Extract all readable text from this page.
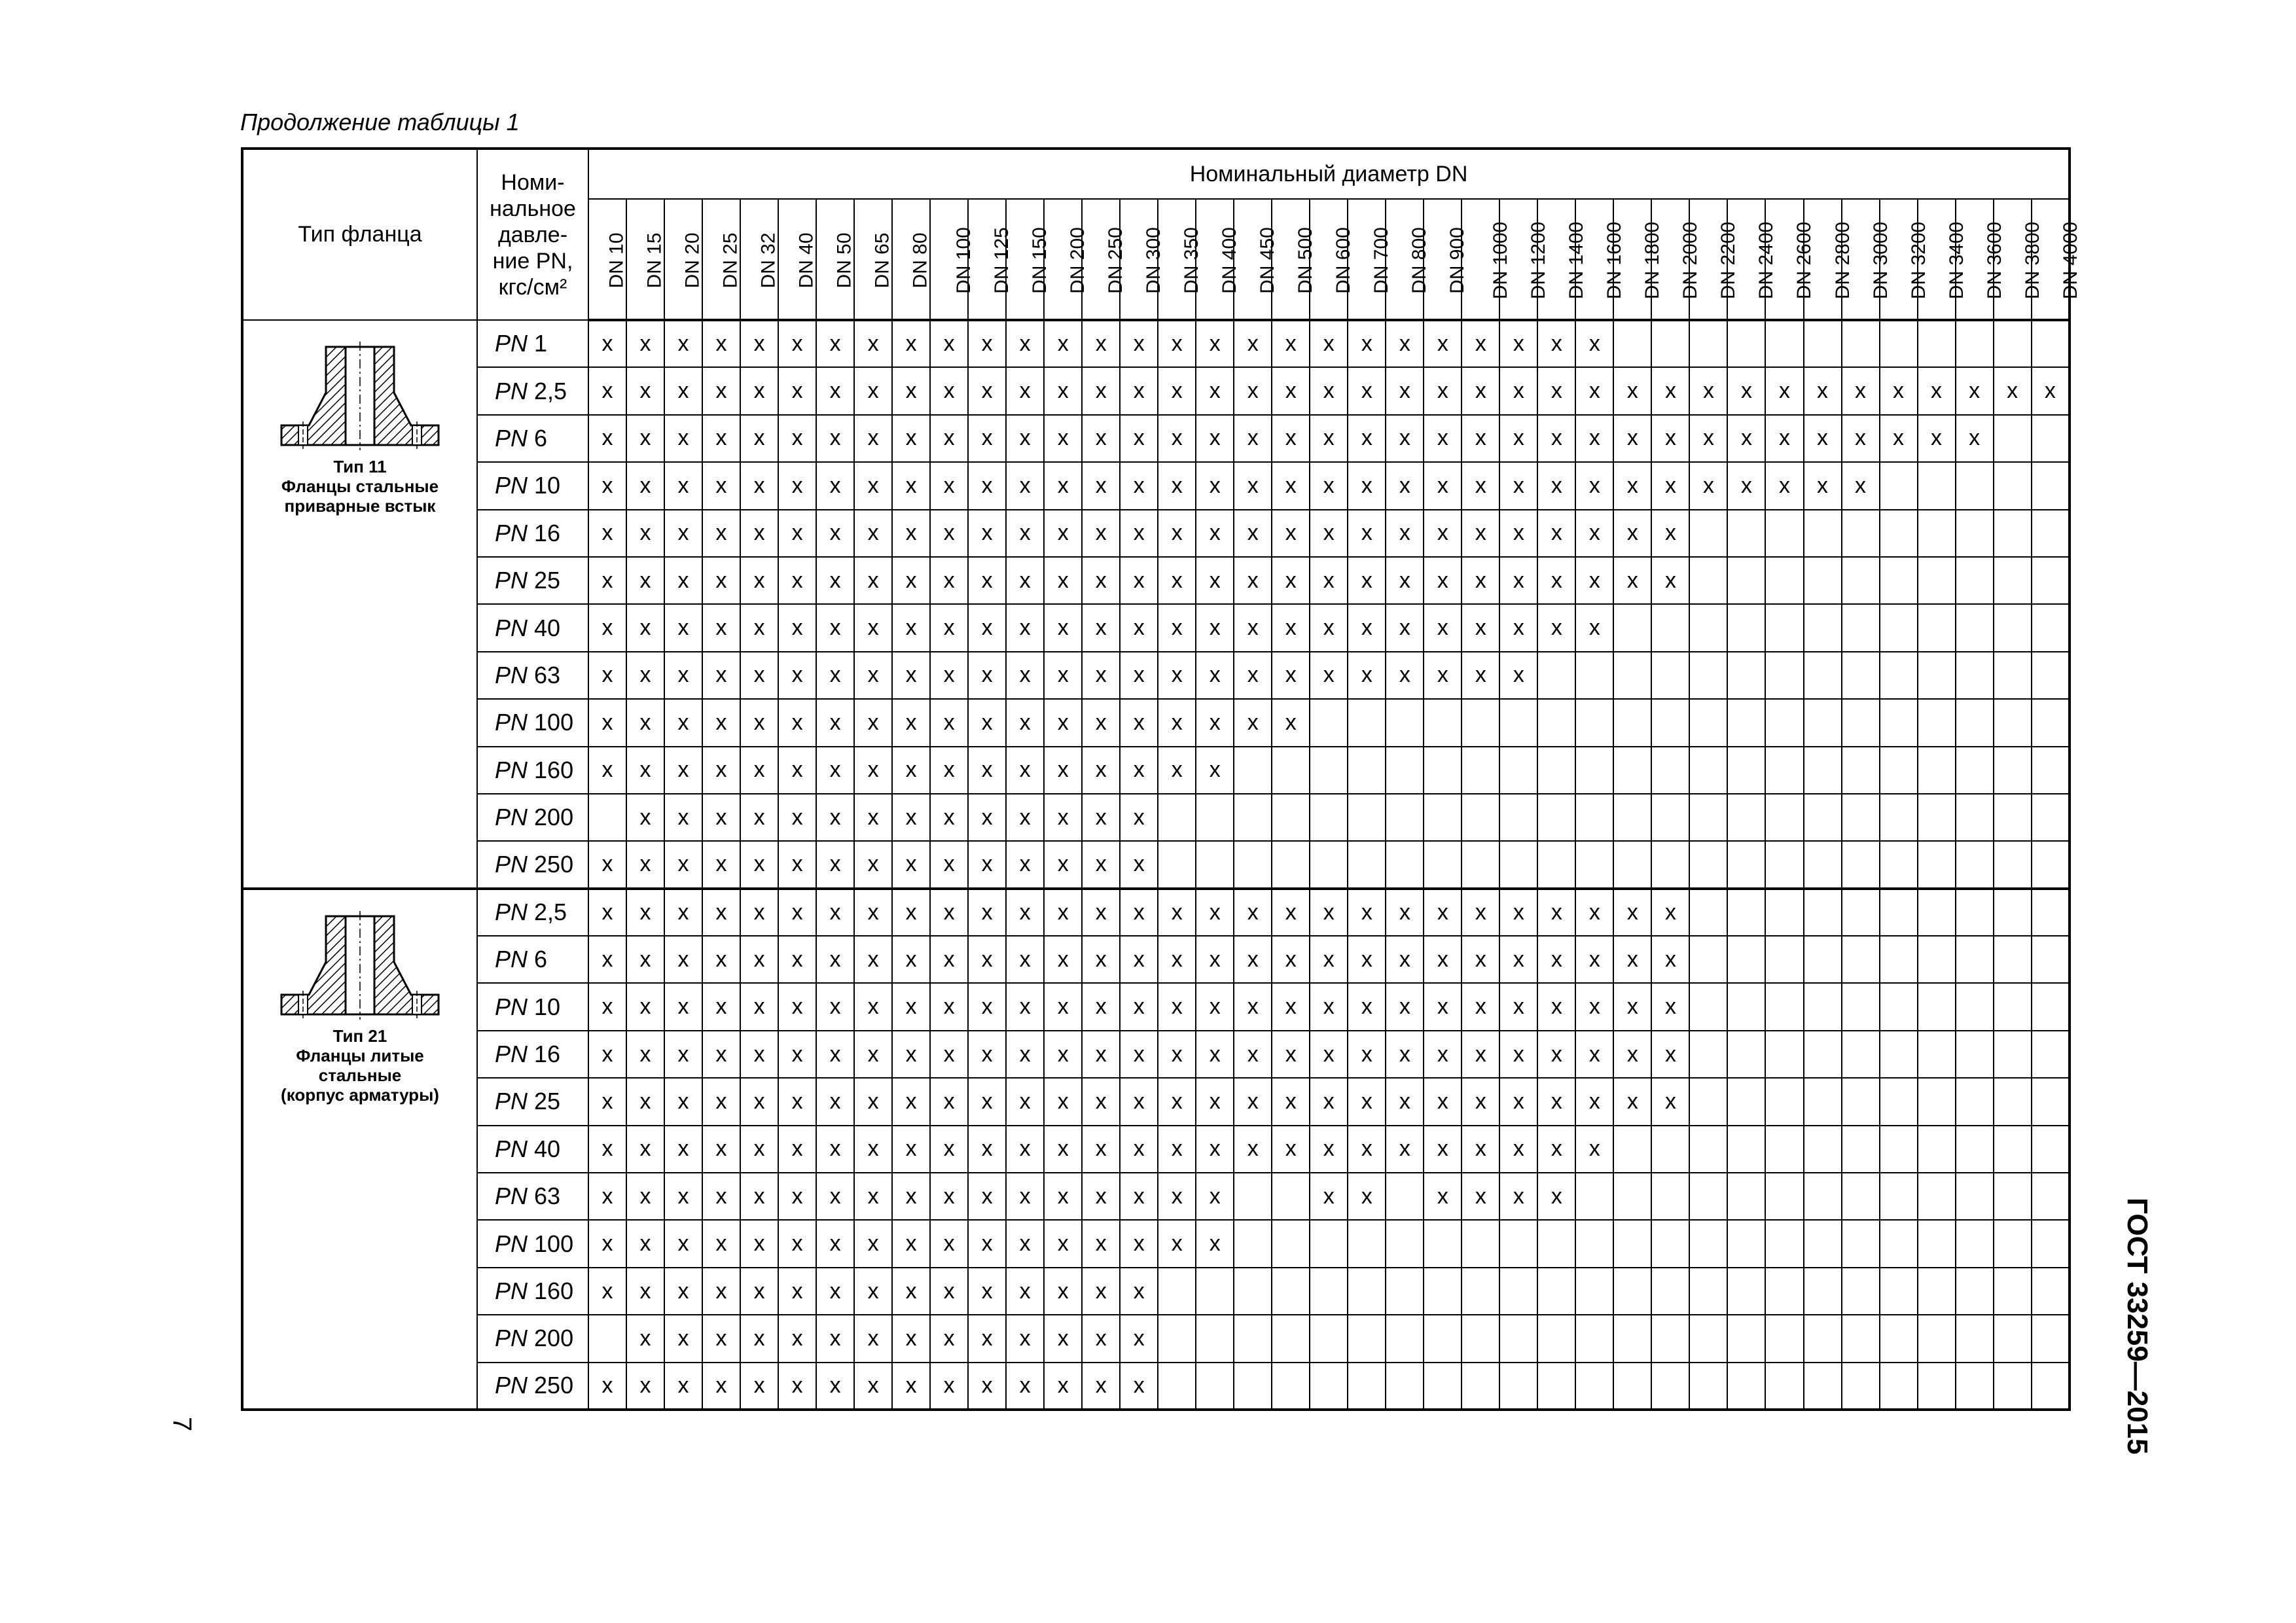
Продолжение таблицы 1
Тип фланца	Номи-
нальное
давле-
ние PN,
кгс/см²	Номинальный диаметр DN																																						
		DN 10	DN 15	DN 20	DN 25	DN 32	DN 40	DN 50	DN 65	DN 80	DN 100	DN 125	DN 150	DN 200	DN 250	DN 300	DN 350	DN 400	DN 450	DN 500	DN 600	DN 700	DN 800	DN 900	DN 1000	DN 1200	DN 1400	DN 1600	DN 1800	DN 2000	DN 2200	DN 2400	DN 2600	DN 2800	DN 3000	DN 3200	DN 3400	DN 3600	DN 3800	DN 4000

Тип 11
Фланцы стальные
приварные встык	PN 1	x	x	x	x	x	x	x	x	x	x	x	x	x	x	x	x	x	x	x	x	x	x	x	x	x	x	x												
	PN 2,5	x	x	x	x	x	x	x	x	x	x	x	x	x	x	x	x	x	x	x	x	x	x	x	x	x	x	x	x	x	x	x	x	x	x	x	x	x	x	x
	PN 6	x	x	x	x	x	x	x	x	x	x	x	x	x	x	x	x	x	x	x	x	x	x	x	x	x	x	x	x	x	x	x	x	x	x	x	x	x		
	PN 10	x	x	x	x	x	x	x	x	x	x	x	x	x	x	x	x	x	x	x	x	x	x	x	x	x	x	x	x	x	x	x	x	x	x					
	PN 16	x	x	x	x	x	x	x	x	x	x	x	x	x	x	x	x	x	x	x	x	x	x	x	x	x	x	x	x	x										
	PN 25	x	x	x	x	x	x	x	x	x	x	x	x	x	x	x	x	x	x	x	x	x	x	x	x	x	x	x	x	x										
	PN 40	x	x	x	x	x	x	x	x	x	x	x	x	x	x	x	x	x	x	x	x	x	x	x	x	x	x	x												
	PN 63	x	x	x	x	x	x	x	x	x	x	x	x	x	x	x	x	x	x	x	x	x	x	x	x	x														
	PN 100	x	x	x	x	x	x	x	x	x	x	x	x	x	x	x	x	x	x	x																				
	PN 160	x	x	x	x	x	x	x	x	x	x	x	x	x	x	x	x	x																						
	PN 200		x	x	x	x	x	x	x	x	x	x	x	x	x	x																								
	PN 250	x	x	x	x	x	x	x	x	x	x	x	x	x	x	x																								

Тип 21
Фланцы литые
стальные
(корпус арматуры)	PN 2,5	x	x	x	x	x	x	x	x	x	x	x	x	x	x	x	x	x	x	x	x	x	x	x	x	x	x	x	x	x										
	PN 6	x	x	x	x	x	x	x	x	x	x	x	x	x	x	x	x	x	x	x	x	x	x	x	x	x	x	x	x	x										
	PN 10	x	x	x	x	x	x	x	x	x	x	x	x	x	x	x	x	x	x	x	x	x	x	x	x	x	x	x	x	x										
	PN 16	x	x	x	x	x	x	x	x	x	x	x	x	x	x	x	x	x	x	x	x	x	x	x	x	x	x	x	x	x										
	PN 25	x	x	x	x	x	x	x	x	x	x	x	x	x	x	x	x	x	x	x	x	x	x	x	x	x	x	x	x	x										
	PN 40	x	x	x	x	x	x	x	x	x	x	x	x	x	x	x	x	x	x	x	x	x	x	x	x	x	x	x												
	PN 63	x	x	x	x	x	x	x	x	x	x	x	x	x	x	x	x	x			x	x		x	x	x	x													
	PN 100	x	x	x	x	x	x	x	x	x	x	x	x	x	x	x	x	x																						
	PN 160	x	x	x	x	x	x	x	x	x	x	x	x	x	x	x																								
	PN 200		x	x	x	x	x	x	x	x	x	x	x	x	x	x																								
	PN 250	x	x	x	x	x	x	x	x	x	x	x	x	x	x	x																									ГОСТ 33259—2015
7
